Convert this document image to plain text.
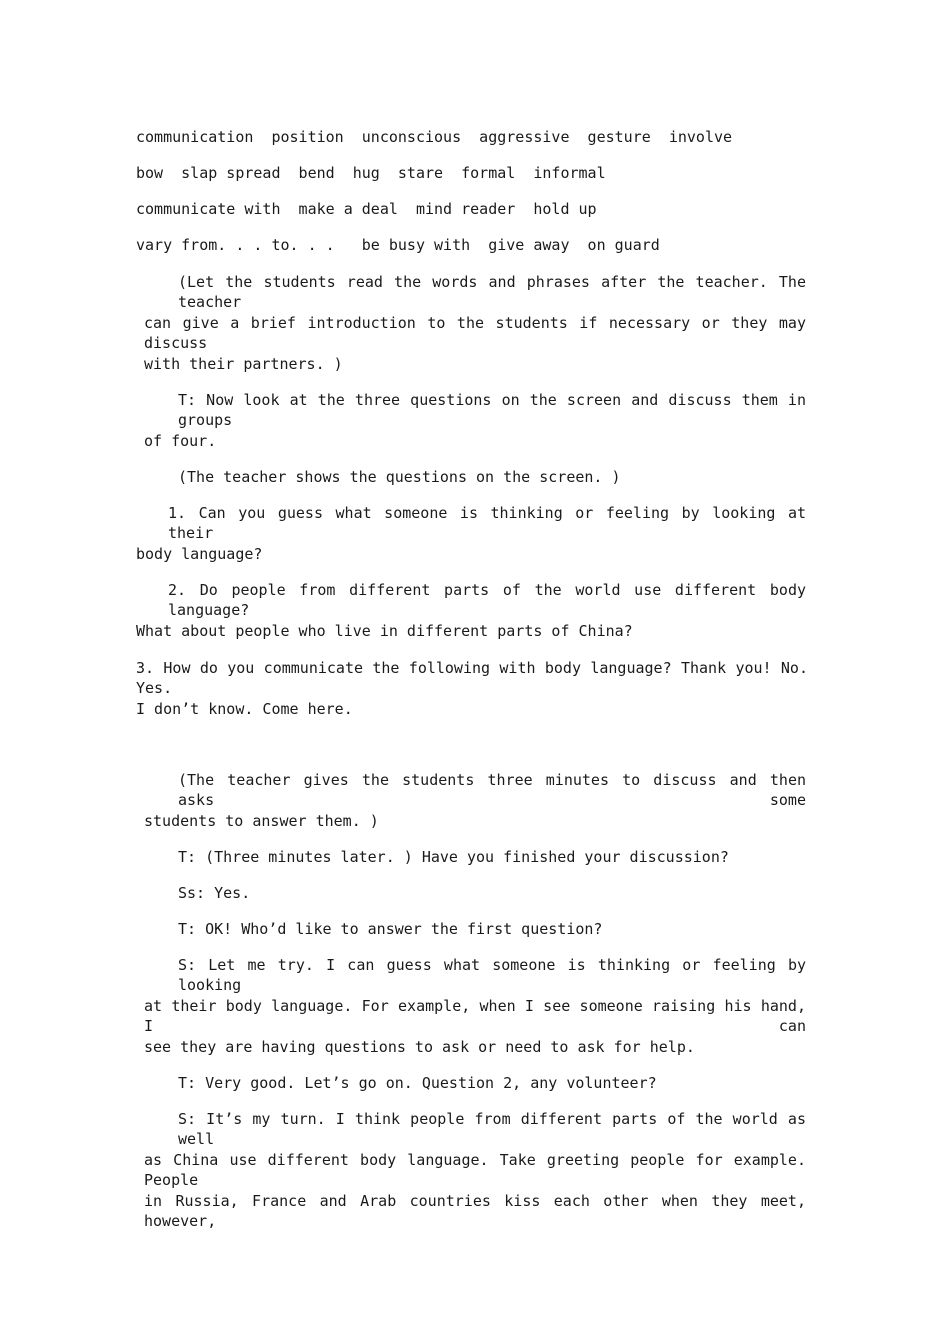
communication  position  unconscious  aggressive  gesture  involve

bow  slap spread  bend  hug  stare  formal  informal

communicate with  make a deal  mind reader  hold up

vary from. . . to. . .   be busy with  give away  on guard

(Let the students read the words and phrases after the teacher. The teacher

can give a brief introduction to the students if necessary or they may discuss

with their partners. )

T: Now look at the three questions on the screen and discuss them in groups

of four.

(The teacher shows the questions on the screen. )

1. Can you guess what someone is thinking or feeling by looking at their

body language?

2. Do people from different parts of the world use different body language?

What about people who live in different parts of China?

3. How do you communicate the following with body language? Thank you! No. Yes.

I don’t know. Come here.

(The teacher gives the students three minutes to discuss and then asks some

students to answer them. )

T: (Three minutes later. ) Have you finished your discussion?

Ss: Yes.

T: OK! Who’d like to answer the first question?

S: Let me try. I can guess what someone is thinking or feeling by looking

at their body language. For example, when I see someone raising his hand, I can

see they are having questions to ask or need to ask for help.

T: Very good. Let’s go on. Question 2, any volunteer?

S: It’s my turn. I think people from different parts of the world as well

as China use different body language. Take greeting people for example. People

in Russia, France and Arab countries kiss each other when they meet, however,
